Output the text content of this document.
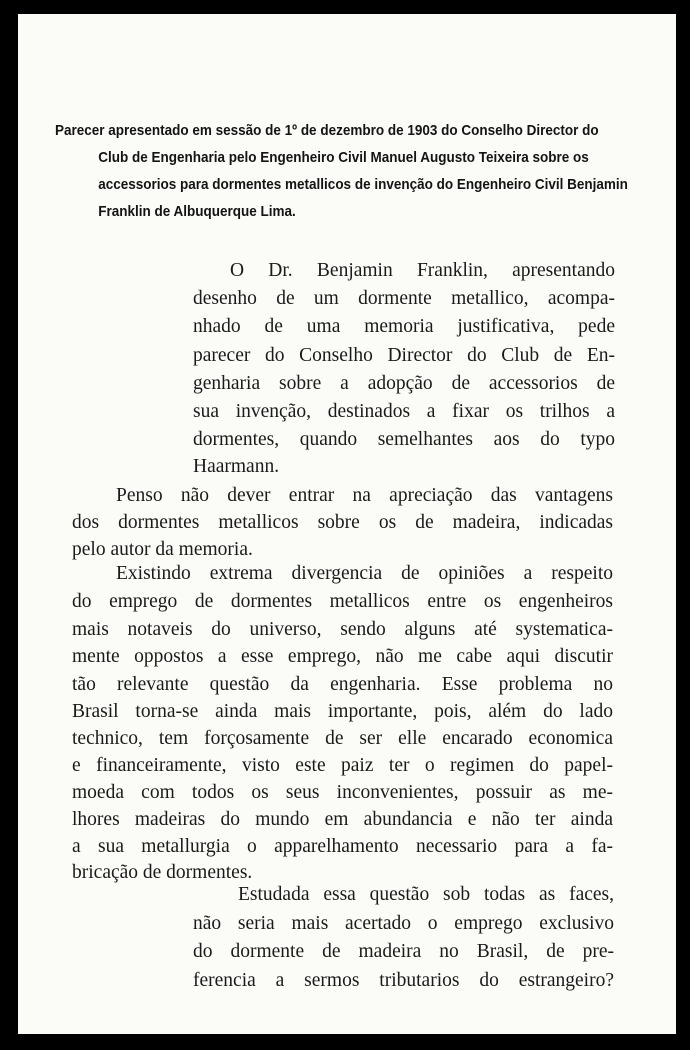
Parecer apresentado em sessão de 1º de dezembro de 1903 do Conselho Director do
Club de Engenharia pelo Engenheiro Civil Manuel Augusto Teixeira sobre os
accessorios para dormentes metallicos de invenção do Engenheiro Civil Benjamin
Franklin de Albuquerque Lima.
O Dr. Benjamin Franklin, apresentando
desenho de um dormente metallico, acompa-
nhado de uma memoria justificativa, pede
parecer do Conselho Director do Club de En-
genharia sobre a adopção de accessorios de
sua invenção, destinados a fixar os trilhos a
dormentes, quando semelhantes aos do typo
Haarmann.
Penso não dever entrar na apreciação das vantagens
dos dormentes metallicos sobre os de madeira, indicadas
pelo autor da memoria.
Existindo extrema divergencia de opiniões a respeito
do emprego de dormentes metallicos entre os engenheiros
mais notaveis do universo, sendo alguns até systematica-
mente oppostos a esse emprego, não me cabe aqui discutir
tão relevante questão da engenharia. Esse problema no
Brasil torna-se ainda mais importante, pois, além do lado
technico, tem forçosamente de ser elle encarado economica
e financeiramente, visto este paiz ter o regimen do papel-
moeda com todos os seus inconvenientes, possuir as me-
lhores madeiras do mundo em abundancia e não ter ainda
a sua metallurgia o apparelhamento necessario para a fa-
bricação de dormentes.
Estudada essa questão sob todas as faces,
não seria mais acertado o emprego exclusivo
do dormente de madeira no Brasil, de pre-
ferencia a sermos tributarios do estrangeiro?
